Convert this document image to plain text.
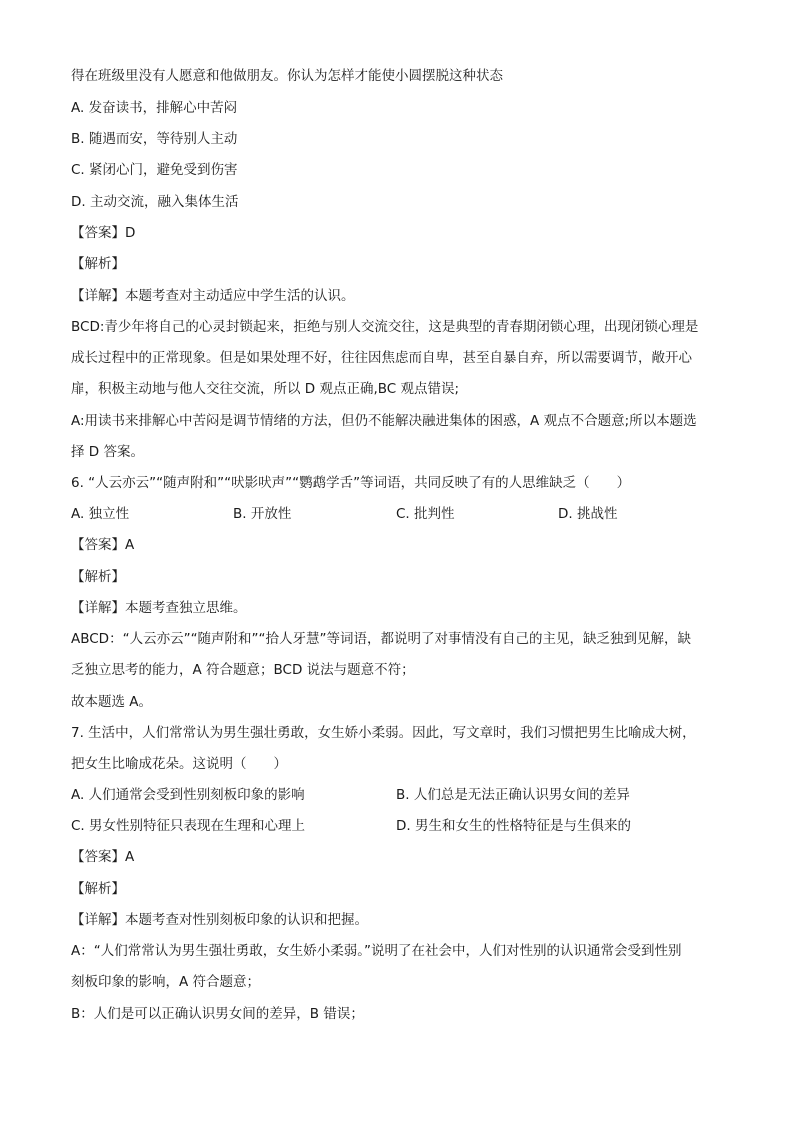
得在班级里没有人愿意和他做朋友。你认为怎样才能使小圆摆脱这种状态
A. 发奋读书，排解心中苦闷
B. 随遇而安，等待别人主动
C. 紧闭心门，避免受到伤害
D. 主动交流，融入集体生活
【答案】D
【解析】
【详解】本题考查对主动适应中学生活的认识。
BCD:青少年将自己的心灵封锁起来，拒绝与别人交流交往，这是典型的青春期闭锁心理，出现闭锁心理是
成长过程中的正常现象。但是如果处理不好，往往因焦虑而自卑，甚至自暴自弃，所以需要调节，敞开心
扉，积极主动地与他人交往交流，所以 D 观点正确,BC 观点错误;
A:用读书来排解心中苦闷是调节情绪的方法，但仍不能解决融进集体的困惑，A 观点不合题意;所以本题选
择 D 答案。
6. “人云亦云”“随声附和”“吠影吠声”“鹦鹉学舌”等词语，共同反映了有的人思维缺乏（　　）
A. 独立性	B. 开放性	C. 批判性	D. 挑战性
【答案】A
【解析】
【详解】本题考查独立思维。
ABCD：“人云亦云”“随声附和”“拾人牙慧”等词语，都说明了对事情没有自己的主见，缺乏独到见解，缺
乏独立思考的能力，A 符合题意；BCD 说法与题意不符；
故本题选 A。
7. 生活中，人们常常认为男生强壮勇敢，女生娇小柔弱。因此，写文章时，我们习惯把男生比喻成大树，
把女生比喻成花朵。这说明（　　）
A. 人们通常会受到性别刻板印象的影响	B. 人们总是无法正确认识男女间的差异
C. 男女性别特征只表现在生理和心理上	D. 男生和女生的性格特征是与生俱来的
【答案】A
【解析】
【详解】本题考查对性别刻板印象的认识和把握。
A：“人们常常认为男生强壮勇敢，女生娇小柔弱。”说明了在社会中，人们对性别的认识通常会受到性别
刻板印象的影响，A 符合题意；
B：人们是可以正确认识男女间的差异，B 错误；
